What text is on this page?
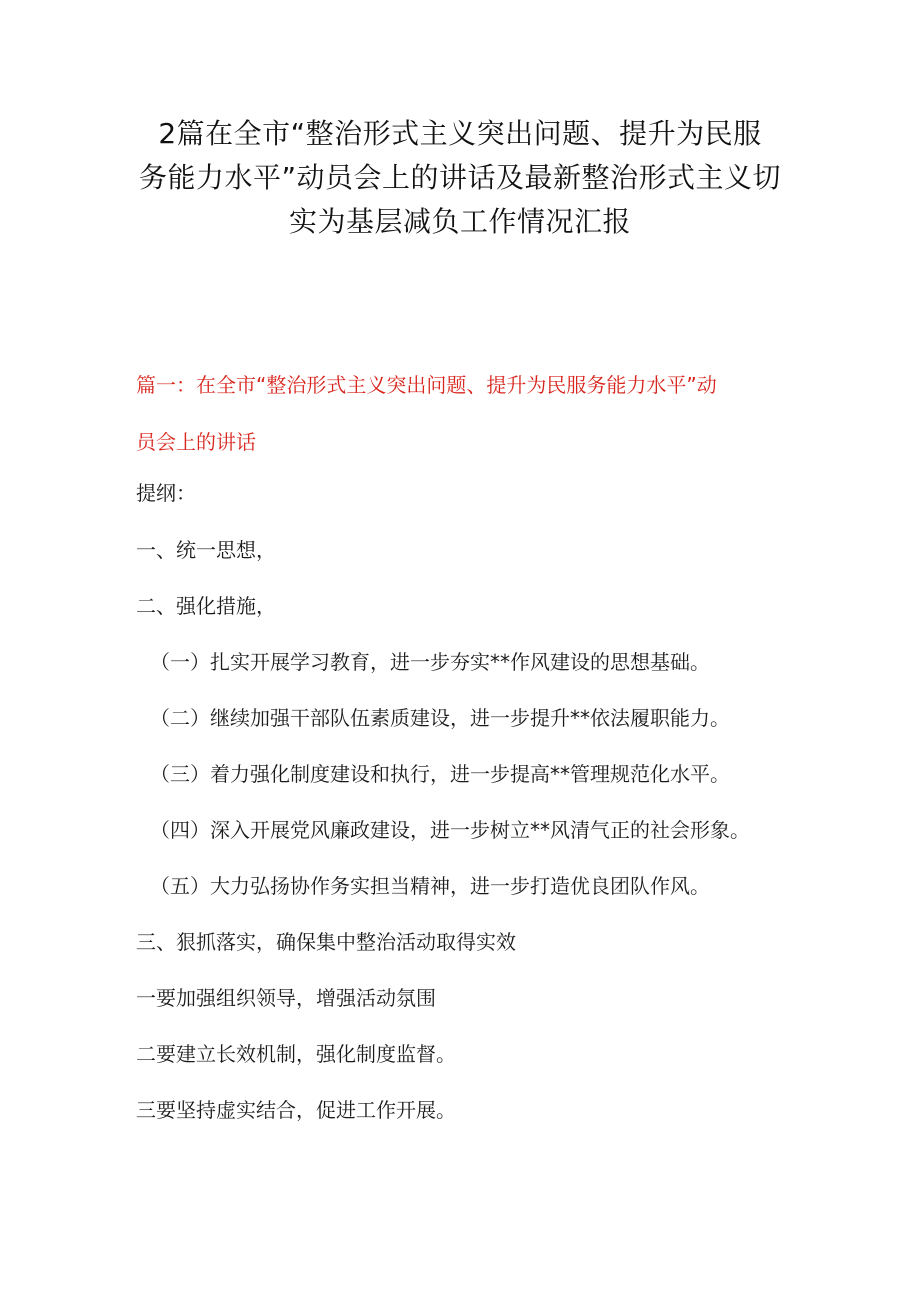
2篇在全市“整治形式主义突出问题、提升为民服
务能力水平”动员会上的讲话及最新整治形式主义切
实为基层减负工作情况汇报
篇一：在全市“整治形式主义突出问题、提升为民服务能力水平”动
员会上的讲话
提纲：
一、统一思想，
二、强化措施，
（一）扎实开展学习教育，进一步夯实**作风建设的思想基础。
（二）继续加强干部队伍素质建设，进一步提升**依法履职能力。
（三）着力强化制度建设和执行，进一步提高**管理规范化水平。
（四）深入开展党风廉政建设，进一步树立**风清气正的社会形象。
（五）大力弘扬协作务实担当精神，进一步打造优良团队作风。
三、狠抓落实，确保集中整治活动取得实效
一要加强组织领导，增强活动氛围
二要建立长效机制，强化制度监督。
三要坚持虚实结合，促进工作开展。
